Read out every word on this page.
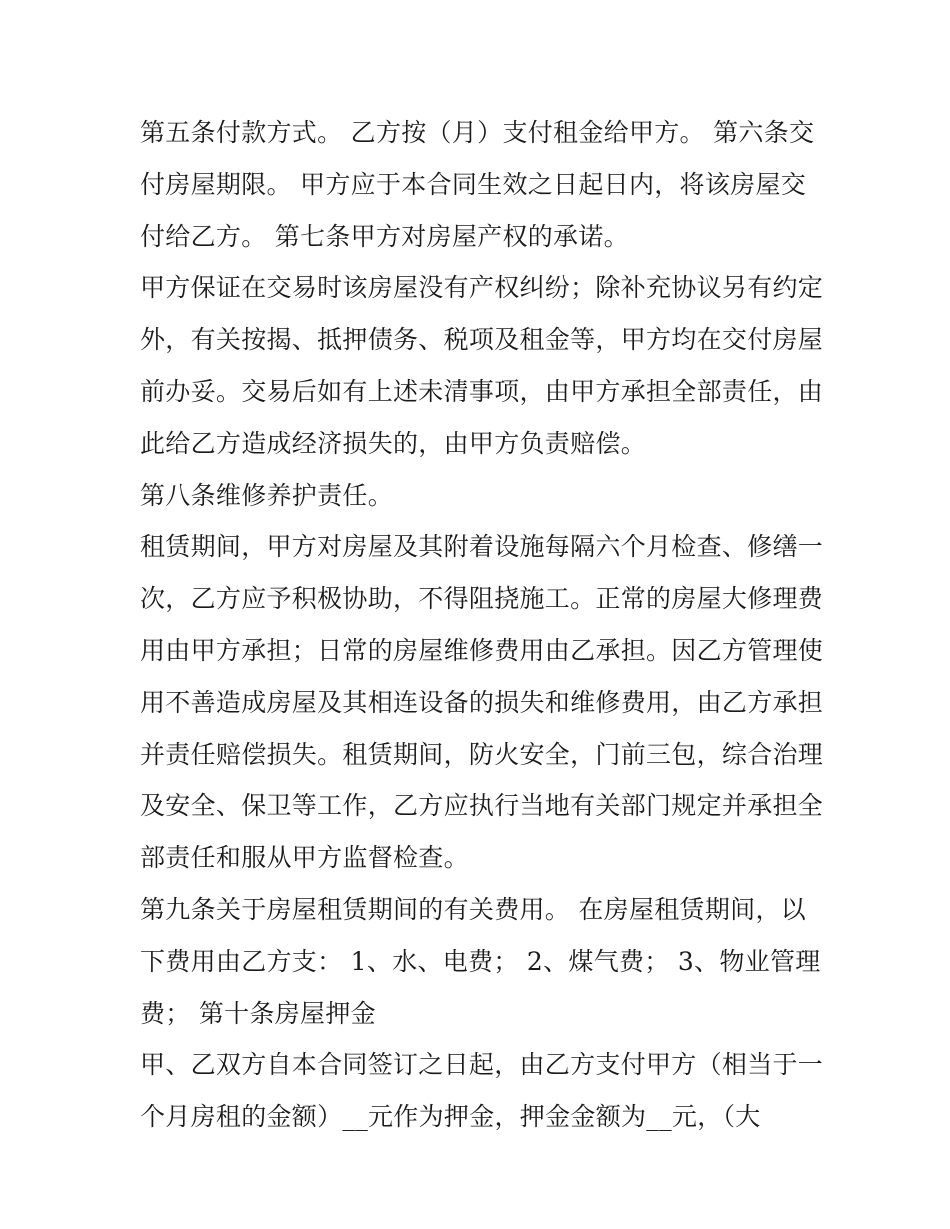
第五条付款方式。 乙方按（月）支付租金给甲方。 第六条交
付房屋期限。 甲方应于本合同生效之日起日内，将该房屋交
付给乙方。 第七条甲方对房屋产权的承诺。
甲方保证在交易时该房屋没有产权纠纷；除补充协议另有约定
外，有关按揭、抵押债务、税项及租金等，甲方均在交付房屋
前办妥。交易后如有上述未清事项，由甲方承担全部责任，由
此给乙方造成经济损失的，由甲方负责赔偿。
第八条维修养护责任。
租赁期间，甲方对房屋及其附着设施每隔六个月检查、修缮一
次，乙方应予积极协助，不得阻挠施工。正常的房屋大修理费
用由甲方承担；日常的房屋维修费用由乙承担。因乙方管理使
用不善造成房屋及其相连设备的损失和维修费用，由乙方承担
并责任赔偿损失。租赁期间，防火安全，门前三包，综合治理
及安全、保卫等工作，乙方应执行当地有关部门规定并承担全
部责任和服从甲方监督检查。
第九条关于房屋租赁期间的有关费用。 在房屋租赁期间，以
下费用由乙方支： 1、水、电费； 2、煤气费； 3、物业管理
费； 第十条房屋押金
甲、乙双方自本合同签订之日起，由乙方支付甲方（相当于一
个月房租的金额）__元作为押金，押金金额为__元，（大
